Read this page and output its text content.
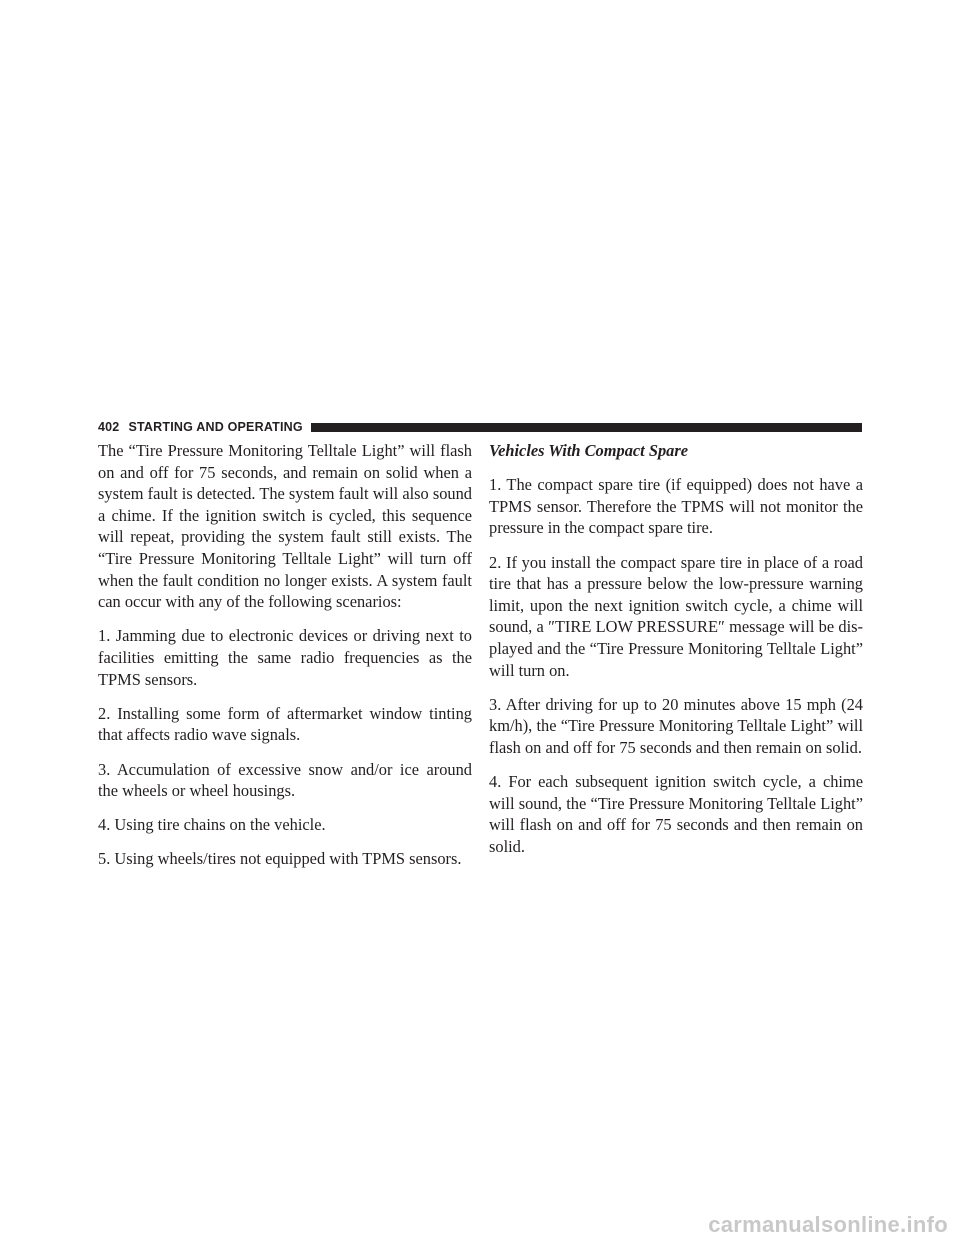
402 STARTING AND OPERATING

The “Tire Pressure Monitoring Telltale Light” will flash on and off for 75 seconds, and remain on solid when a system fault is detected. The system fault will also sound a chime. If the ignition switch is cycled, this sequence will repeat, providing the system fault still exists. The “Tire Pressure Monitoring Telltale Light” will turn off when the fault condition no longer exists. A system fault can occur with any of the following scenarios:

1. Jamming due to electronic devices or driving next to facilities emitting the same radio frequencies as the TPMS sensors.

2. Installing some form of aftermarket window tinting that affects radio wave signals.

3. Accumulation of excessive snow and/or ice around the wheels or wheel housings.

4. Using tire chains on the vehicle.

5. Using wheels/tires not equipped with TPMS sensors.

Vehicles With Compact Spare

1. The compact spare tire (if equipped) does not have a TPMS sensor. Therefore the TPMS will not monitor the pressure in the compact spare tire.

2. If you install the compact spare tire in place of a road tire that has a pressure below the low-pressure warning limit, upon the next ignition switch cycle, a chime will sound, a ″TIRE LOW PRESSURE″ message will be dis-played and the “Tire Pressure Monitoring Telltale Light” will turn on.

3. After driving for up to 20 minutes above 15 mph (24 km/h), the “Tire Pressure Monitoring Telltale Light” will flash on and off for 75 seconds and then remain on solid.

4. For each subsequent ignition switch cycle, a chime will sound, the “Tire Pressure Monitoring Telltale Light” will flash on and off for 75 seconds and then remain on solid.

carmanualsonline.info
